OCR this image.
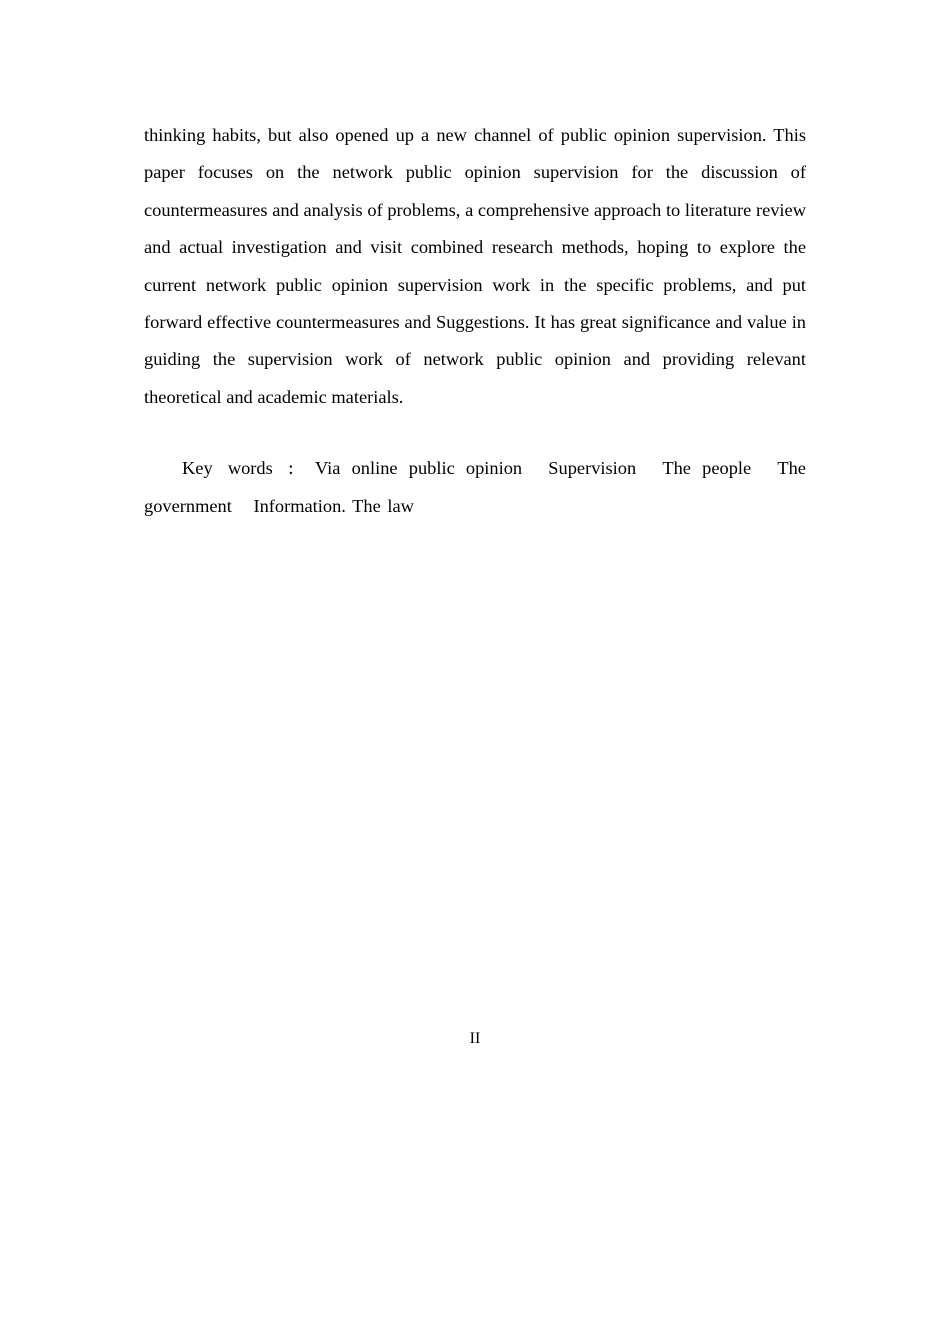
thinking habits, but also opened up a new channel of public opinion supervision. This paper focuses on the network public opinion supervision for the discussion of countermeasures and analysis of problems, a comprehensive approach to literature review and actual investigation and visit combined research methods, hoping to explore the current network public opinion supervision work in the specific problems, and put forward effective countermeasures and Suggestions. It has great significance and value in guiding the supervision work of network public opinion and providing relevant theoretical and academic materials.

Key words ： Via online public opinion Supervision The people The government Information. The law

II
